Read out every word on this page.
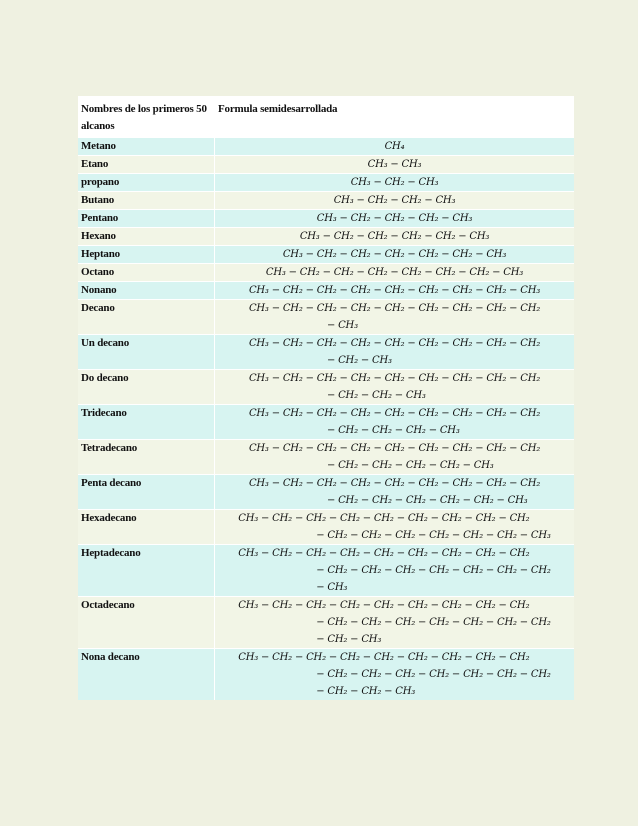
Nombres de los primeros 50 alcanos	Formula semidesarrollada
Metano	CH₄

Etano	CH₃ − CH₃

propano	CH₃ − CH₂ − CH₃

Butano	CH₃ − CH₂ − CH₂ − CH₃

Pentano	CH₃ − CH₂ − CH₂ − CH₂ − CH₃

Hexano	CH₃ − CH₂ − CH₂ − CH₂ − CH₂ − CH₃

Heptano	CH₃ − CH₂ − CH₂ − CH₂ − CH₂ − CH₂ − CH₃

Octano	CH₃ − CH₂ − CH₂ − CH₂ − CH₂ − CH₂ − CH₂ − CH₃

Nonano	CH₃ − CH₂ − CH₂ − CH₂ − CH₂ − CH₂ − CH₂ − CH₂ − CH₃

Decano	CH₃ − CH₂ − CH₂ − CH₂ − CH₂ − CH₂ − CH₂ − CH₂ − CH₂
− CH₃

Un decano	CH₃ − CH₂ − CH₂ − CH₂ − CH₂ − CH₂ − CH₂ − CH₂ − CH₂
− CH₂ − CH₃

Do decano	CH₃ − CH₂ − CH₂ − CH₂ − CH₂ − CH₂ − CH₂ − CH₂ − CH₂
− CH₂ − CH₂ − CH₃

Tridecano	CH₃ − CH₂ − CH₂ − CH₂ − CH₂ − CH₂ − CH₂ − CH₂ − CH₂
− CH₂ − CH₂ − CH₂ − CH₃

Tetradecano	CH₃ − CH₂ − CH₂ − CH₂ − CH₂ − CH₂ − CH₂ − CH₂ − CH₂
− CH₂ − CH₂ − CH₂ − CH₂ − CH₃

Penta decano	CH₃ − CH₂ − CH₂ − CH₂ − CH₂ − CH₂ − CH₂ − CH₂ − CH₂
− CH₂ − CH₂ − CH₂ − CH₂ − CH₂ − CH₃

Hexadecano	CH₃ − CH₂ − CH₂ − CH₂ − CH₂ − CH₂ − CH₂ − CH₂ − CH₂
− CH₂ − CH₂ − CH₂ − CH₂ − CH₂ − CH₂ − CH₃

Heptadecano	CH₃ − CH₂ − CH₂ − CH₂ − CH₂ − CH₂ − CH₂ − CH₂ − CH₂
− CH₂ − CH₂ − CH₂ − CH₂ − CH₂ − CH₂ − CH₂
− CH₃

Octadecano	CH₃ − CH₂ − CH₂ − CH₂ − CH₂ − CH₂ − CH₂ − CH₂ − CH₂
− CH₂ − CH₂ − CH₂ − CH₂ − CH₂ − CH₂ − CH₂
− CH₂ − CH₃

Nona decano	CH₃ − CH₂ − CH₂ − CH₂ − CH₂ − CH₂ − CH₂ − CH₂ − CH₂
− CH₂ − CH₂ − CH₂ − CH₂ − CH₂ − CH₂ − CH₂
− CH₂ − CH₂ − CH₃
